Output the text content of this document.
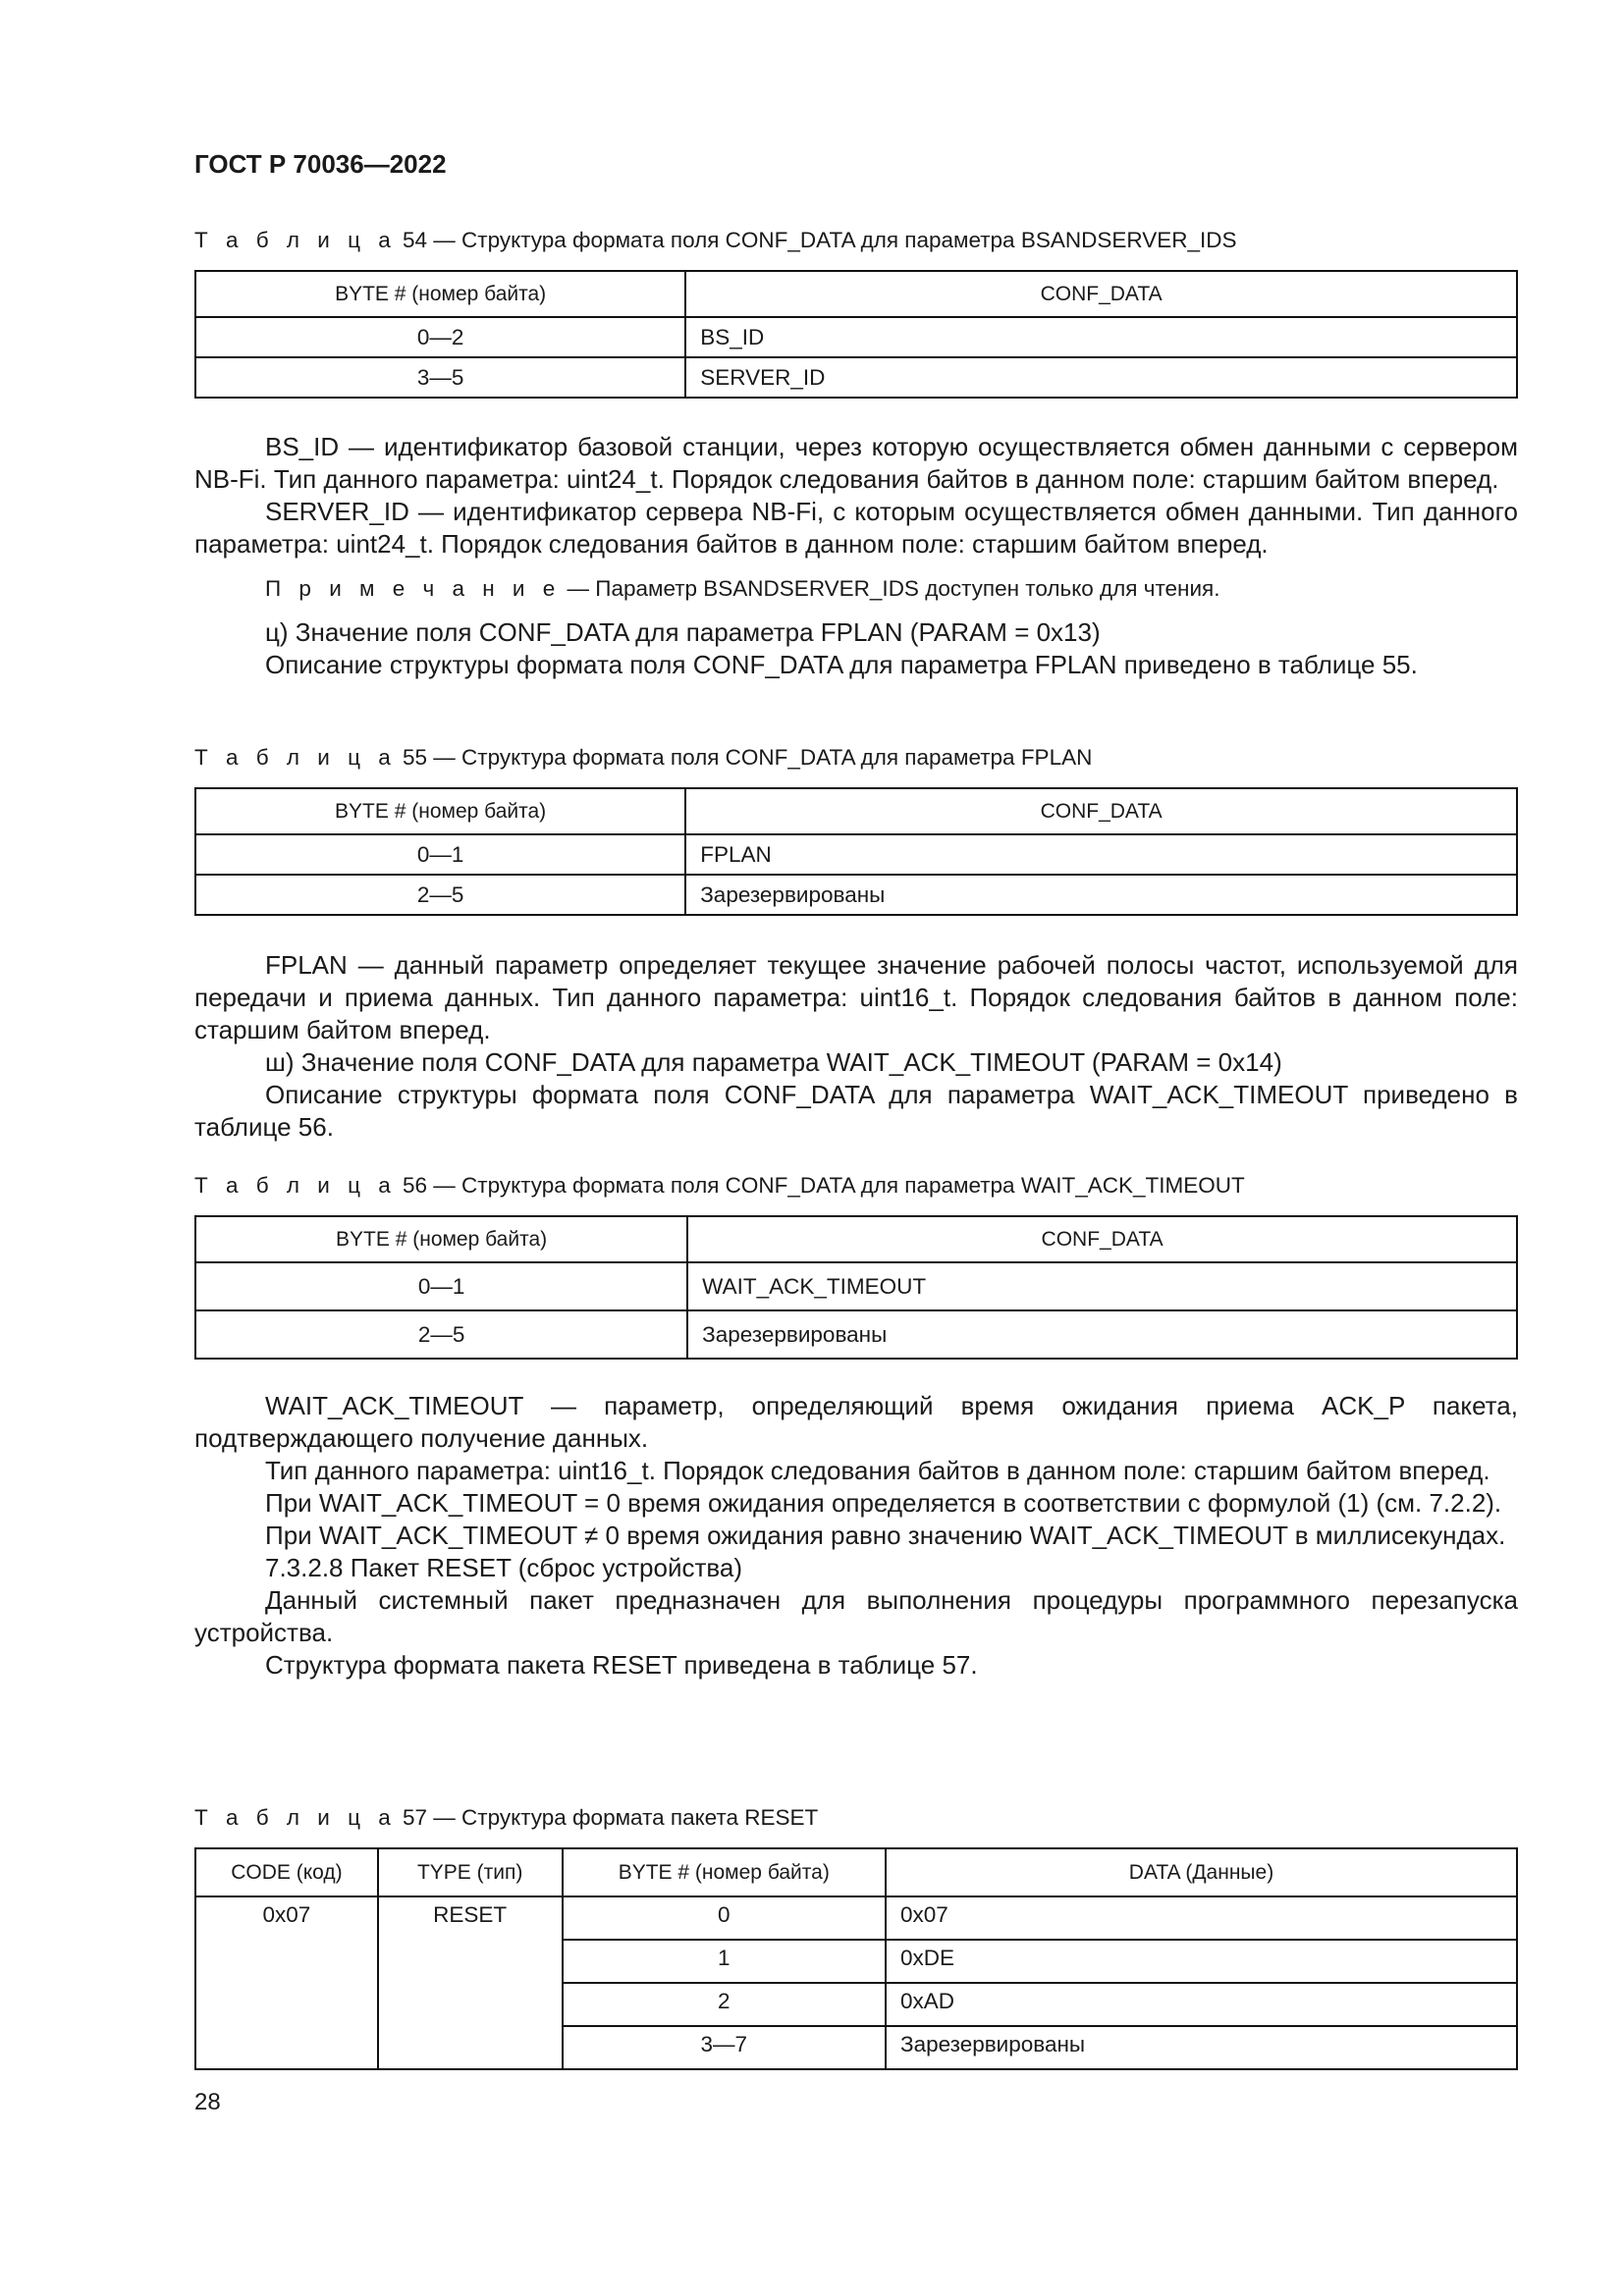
ГОСТ Р 70036—2022
Т а б л и ц а 54 — Структура формата поля CONF_DATA для параметра BSANDSERVER_IDS
BYTE # (номер байта)	CONF_DATA
0—2	BS_ID
3—5	SERVER_ID

BS_ID — идентификатор базовой станции, через которую осуществляется обмен данными с сервером NB-Fi. Тип данного параметра: uint24_t. Порядок следования байтов в данном поле: старшим байтом вперед.

SERVER_ID — идентификатор сервера NB-Fi, с которым осуществляется обмен данными. Тип данного параметра: uint24_t. Порядок следования байтов в данном поле: старшим байтом вперед.

П р и м е ч а н и е — Параметр BSANDSERVER_IDS доступен только для чтения.

ц) Значение поля CONF_DATA для параметра FPLAN (PARAM = 0x13)

Описание структуры формата поля CONF_DATA для параметра FPLAN приведено в таблице 55.

Т а б л и ц а 55 — Структура формата поля CONF_DATA для параметра FPLAN
BYTE # (номер байта)	CONF_DATA
0—1	FPLAN
2—5	Зарезервированы

FPLAN — данный параметр определяет текущее значение рабочей полосы частот, используемой для передачи и приема данных. Тип данного параметра: uint16_t. Порядок следования байтов в данном поле: старшим байтом вперед.

ш) Значение поля CONF_DATA для параметра WAIT_ACK_TIMEOUT (PARAM = 0x14)

Описание структуры формата поля CONF_DATA для параметра WAIT_ACK_TIMEOUT приведено в таблице 56.

Т а б л и ц а 56 — Структура формата поля CONF_DATA для параметра WAIT_ACK_TIMEOUT
BYTE # (номер байта)	CONF_DATA
0—1	WAIT_ACK_TIMEOUT
2—5	Зарезервированы

WAIT_ACK_TIMEOUT — параметр, определяющий время ожидания приема ACK_P пакета, подтверждающего получение данных.

Тип данного параметра: uint16_t. Порядок следования байтов в данном поле: старшим байтом вперед.

При WAIT_ACK_TIMEOUT = 0 время ожидания определяется в соответствии с формулой (1) (см. 7.2.2).

При WAIT_ACK_TIMEOUT ≠ 0 время ожидания равно значению WAIT_ACK_TIMEOUT в миллисекундах.

7.3.2.8 Пакет RESET (сброс устройства)

Данный системный пакет предназначен для выполнения процедуры программного перезапуска устройства.

Структура формата пакета RESET приведена в таблице 57.

Т а б л и ц а 57 — Структура формата пакета RESET
CODE (код)	TYPE (тип)	BYTE # (номер байта)	DATA (Данные)
0x07	RESET	0	0x07
		1	0xDE
		2	0xAD
		3—7	Зарезервированы
28
